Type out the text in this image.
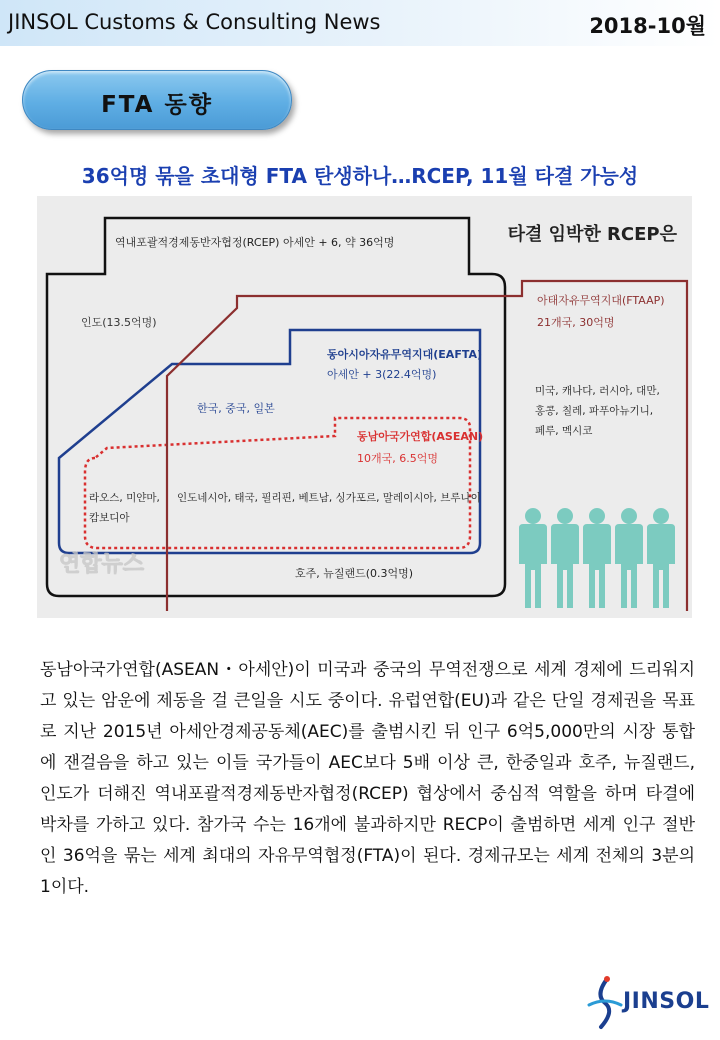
JINSOL Customs & Consulting News	2018-10월
FTA 동향
36억명 묶을 초대형 FTA 탄생하나…RCEP, 11월 타결 가능성
타결 임박한 RCEP은
역내포괄적경제동반자협정(RCEP) 아세안 + 6, 약 36억명
인도(13.5억명)
동아시아자유무역지대(EAFTA)
아세안 + 3(22.4억명)
한국, 중국, 일본
동남아국가연합(ASEAN)
10개국, 6.5억명
라오스, 미얀마,
캄보디아
인도네시아, 태국, 필리핀, 베트남, 싱가포르, 말레이시아, 브루나이
호주, 뉴질랜드(0.3억명)
아태자유무역지대(FTAAP)
21개국, 30억명
미국, 캐나다, 러시아, 대만,
홍콩, 칠레, 파푸아뉴기니,
페루, 멕시코
연합뉴스
동남아국가연합(ASEAN・아세안)이 미국과 중국의 무역전쟁으로 세계 경제에 드리워지고 있는 암운에 제동을 걸 큰일을 시도 중이다. 유럽연합(EU)과 같은 단일 경제권을 목표로 지난 2015년 아세안경제공동체(AEC)를 출범시킨 뒤 인구 6억5,000만의 시장 통합에 잰걸음을 하고 있는 이들 국가들이 AEC보다 5배 이상 큰, 한중일과 호주, 뉴질랜드, 인도가 더해진 역내포괄적경제동반자협정(RCEP) 협상에서 중심적 역할을 하며 타결에 박차를 가하고 있다. 참가국 수는 16개에 불과하지만 RECP이 출범하면 세계 인구 절반인 36억을 묶는 세계 최대의 자유무역협정(FTA)이 된다. 경제규모는 세계 전체의 3분의 1이다.
JINSOL
